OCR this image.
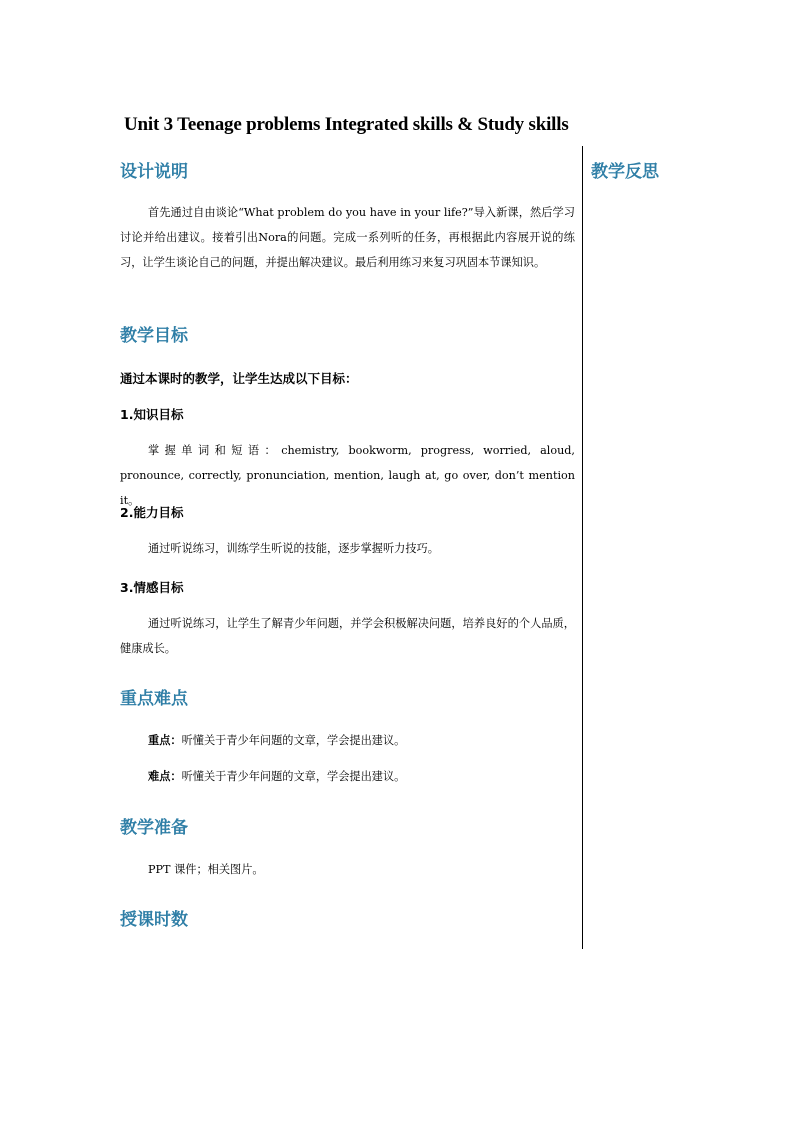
Unit 3 Teenage problems Integrated skills & Study skills
教学反思
设计说明
首先通过自由谈论“What problem do you have in your life?”导入新课，然后学习讨论并给出建议。接着引出Nora的问题。完成一系列听的任务，再根据此内容展开说的练习，让学生谈论自己的问题，并提出解决建议。最后利用练习来复习巩固本节课知识。
教学目标
通过本课时的教学，让学生达成以下目标：
1.知识目标
掌握单词和短语：chemistry, bookworm, progress, worried, aloud, pronounce, correctly, pronunciation, mention, laugh at, go over, don’t mention it。
2.能力目标
通过听说练习，训练学生听说的技能，逐步掌握听力技巧。
3.情感目标
通过听说练习，让学生了解青少年问题，并学会积极解决问题，培养良好的个人品质，健康成长。
重点难点
重点：听懂关于青少年问题的文章，学会提出建议。
难点：听懂关于青少年问题的文章，学会提出建议。
教学准备
PPT 课件；相关图片。
授课时数
